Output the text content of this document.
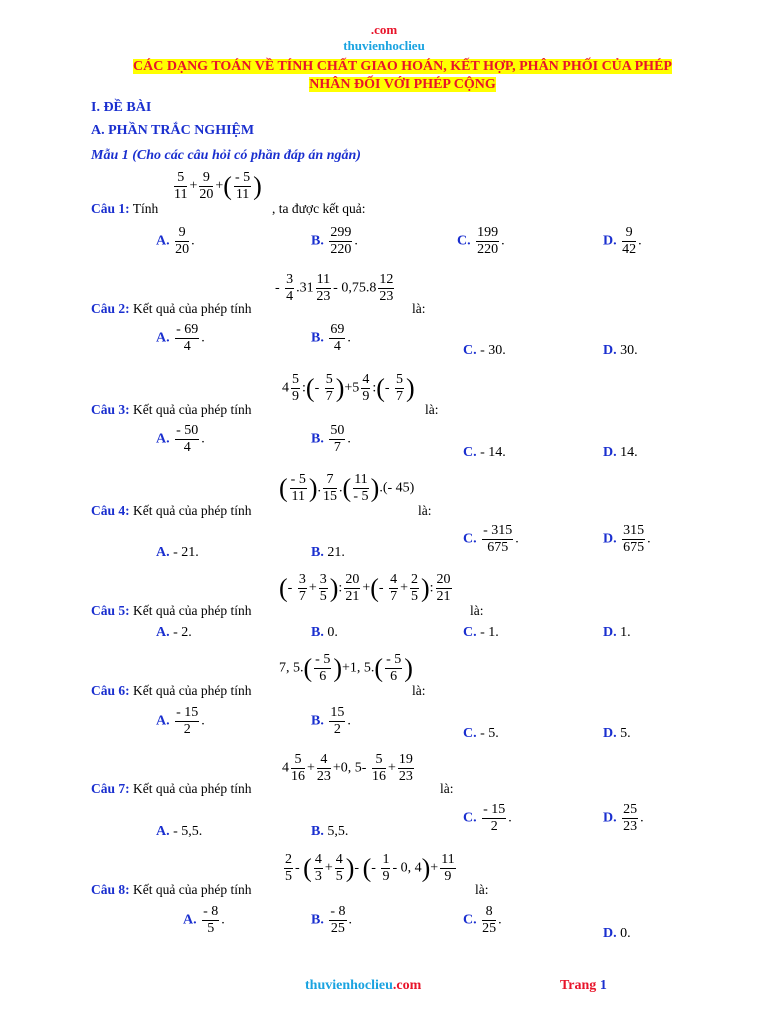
.com
thuvienhoclieu
CÁC DẠNG TOÁN VỀ TÍNH CHẤT GIAO HOÁN, KẾT HỢP, PHÂN PHỐI CỦA PHÉP
NHÂN ĐỐI VỚI PHÉP CỘNG
I. ĐỀ BÀI
A. PHẦN TRẮC NGHIỆM
Mẫu 1 (Cho các câu hỏi có phần đáp án ngắn)
$\frac{5}{11} + \frac{9}{20}$ +( $\frac{- 5}{11}$ )
Câu 1: Tính	, ta được kết quả:
A. $\frac{9}{20}$ .	B. $\frac{299}{220}$ .	C. $\frac{199}{220}$ .	D. $\frac{9}{42}$ .
- $\frac{3}{4} .31 \frac{11}{23} - 0,75.8 \frac{12}{23}$
Câu 2: Kết quả của phép tính	là:
A. $\frac{- 69}{4}$ .	B. $\frac{69}{4}$ .
C. - 30.	D. 30.
$4 \frac{5}{9}$ :(- $\frac{5}{7} )+5 \frac{4}{9}$ :(- $\frac{5}{7}$ )
Câu 3: Kết quả của phép tính	là:
A. $\frac{- 50}{4}$ .	B. $\frac{50}{7}$ .
C. - 14.	D. 14.
( $\frac{- 5}{11}$ ). $\frac{7}{15}$ .( $\frac{11}{- 5}$ ).(- 45)
Câu 4: Kết quả của phép tính	là:
A. - 21.	B. 21.
C. $\frac{- 315}{675}$ .	D. $\frac{315}{675}$ .
(- $\frac{3}{7} + \frac{3}{5}$ ): $\frac{20}{21}$ +(- $\frac{4}{7} + \frac{2}{5}$ ): $\frac{20}{21}$
Câu 5: Kết quả của phép tính	là:
A. - 2.	B. 0.	C. - 1.	D. 1.
7, $5.( \frac{- 5}{6} )+1$, $5.( \frac{- 5}{6}$ )
Câu 6: Kết quả của phép tính	là:
A. $\frac{- 15}{2}$ .	B. $\frac{15}{2}$ .
C. - 5.	D. 5.
$4 \frac{5}{16} + \frac{4}{23} +0$, $5- \frac{5}{16} + \frac{19}{23}$
Câu 7: Kết quả của phép tính	là:
A. - 5,5.	B. 5,5.
C. $\frac{- 15}{2}$ .	D. $\frac{25}{23}$ .
$\frac{2}{5}$ - ( $\frac{4}{3} + \frac{4}{5}$ )- (- $\frac{1}{9} - 0$, $4)+ \frac{11}{9}$
Câu 8: Kết quả của phép tính	là:
A. $\frac{- 8}{5}$ .	B. $\frac{- 8}{25}$ .	C. $\frac{8}{25}$ .
D. 0.
thuvienhoclieu.com	Trang 1
